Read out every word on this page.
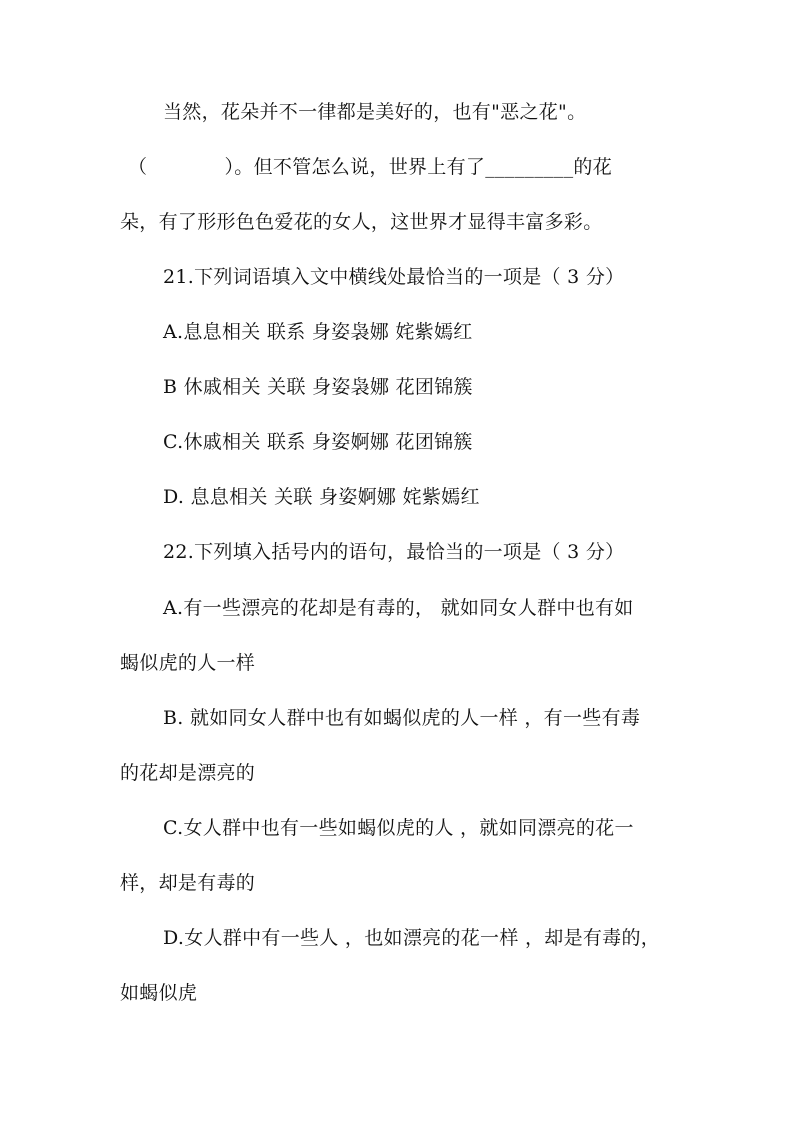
当然，花朵并不一律都是美好的，也有"恶之花"。
（　　　　）。但不管怎么说，世界上有了_________的花
朵，有了形形色色爱花的女人，这世界才显得丰富多彩。
21.下列词语填入文中横线处最恰当的一项是（ 3 分）
A.息息相关 联系 身姿袅娜 姹紫嫣红
B 休戚相关 关联 身姿袅娜 花团锦簇
C.休戚相关 联系 身姿婀娜 花团锦簇
D. 息息相关 关联 身姿婀娜 姹紫嫣红
22.下列填入括号内的语句，最恰当的一项是（ 3 分）
A.有一些漂亮的花却是有毒的， 就如同女人群中也有如
蝎似虎的人一样
B. 就如同女人群中也有如蝎似虎的人一样 ，有一些有毒
的花却是漂亮的
C.女人群中也有一些如蝎似虎的人 ，就如同漂亮的花一
样，却是有毒的
D.女人群中有一些人 ，也如漂亮的花一样 ，却是有毒的，
如蝎似虎
